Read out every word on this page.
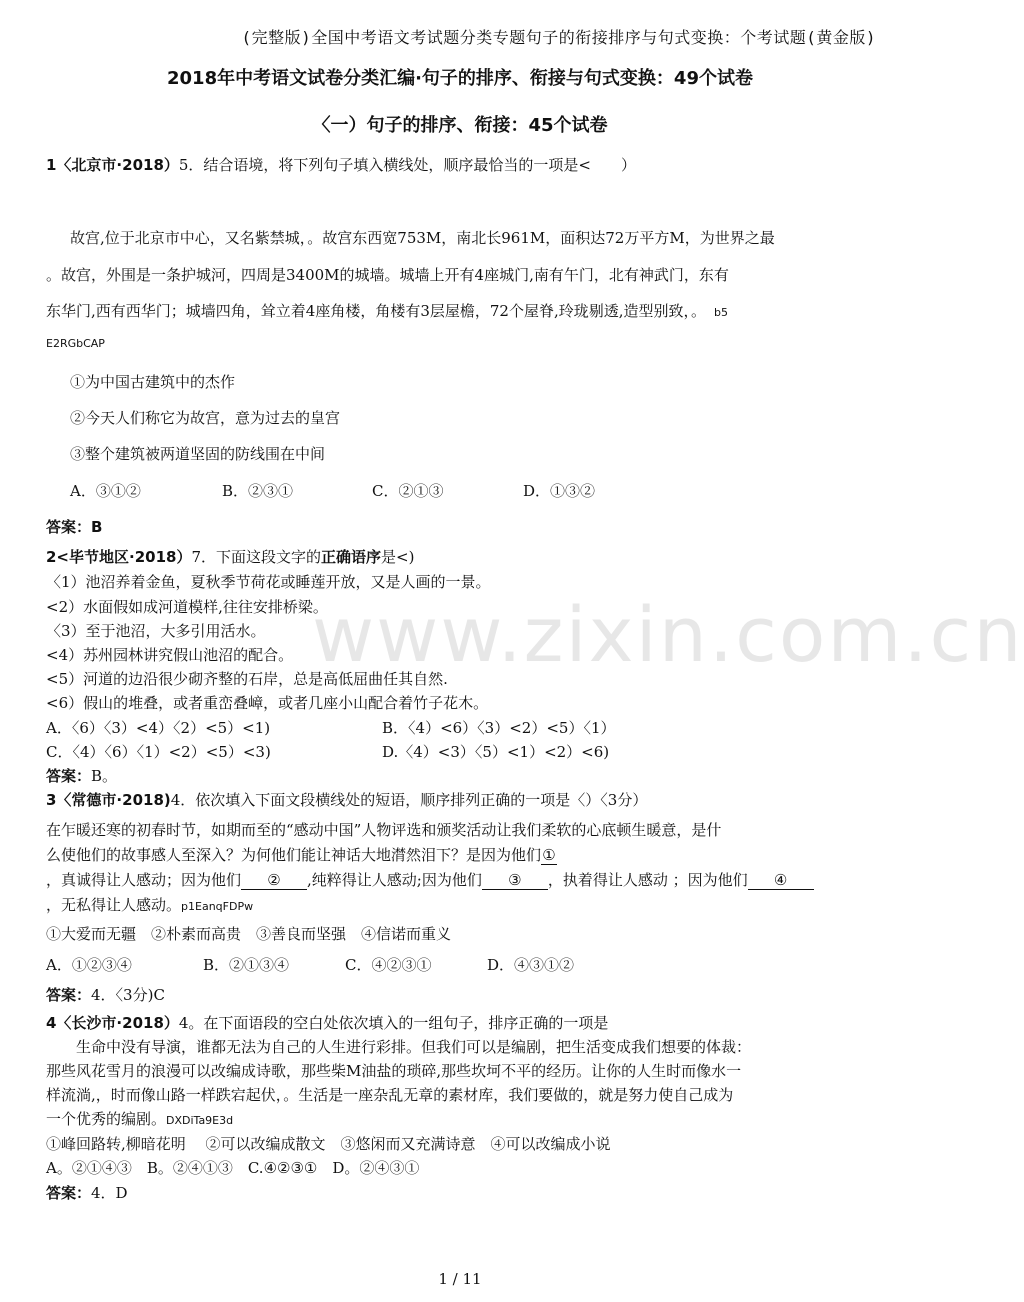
www.zixin.com.cn
(完整版)全国中考语文考试题分类专题句子的衔接排序与句式变换：个考试题(黄金版)
2018年中考语文试卷分类汇编·句子的排序、衔接与句式变换：49个试卷
〈一）句子的排序、衔接：45个试卷
1〈北京市·2018）5．结合语境，将下列句子填入横线处，顺序最恰当的一项是<　　）
故宫,位于北京市中心，又名紫禁城，。故宫东西宽753M，南北长961M，面积达72万平方M，为世界之最
。故宫，外围是一条护城河，四周是3400M的城墙。城墙上开有4座城门,南有午门，北有神武门，东有
东华门,西有西华门；城墙四角，耸立着4座角楼，角楼有3层屋檐，72个屋脊,玲珑剔透,造型别致，。 b5
E2RGbCAP
①为中国古建筑中的杰作
②今天人们称它为故宫，意为过去的皇宫
③整个建筑被两道坚固的防线围在中间
A．③①②	B．②③①	C．②①③	D．①③②
答案：B
2<毕节地区·2018）7．下面这段文字的正确语序是<)
〈1）池沼养着金鱼，夏秋季节荷花或睡莲开放，又是人画的一景。
<2）水面假如成河道模样,往往安排桥梁。
〈3）至于池沼，大多引用活水。
<4）苏州园林讲究假山池沼的配合。
<5）河道的边沿很少砌齐整的石岸，总是高低屈曲任其自然.
<6）假山的堆叠，或者重峦叠嶂，或者几座小山配合着竹子花木。
A．〈6）〈3）<4）〈2）<5）<1)	B．〈4）<6）〈3）<2）<5）〈1）
C．〈4）〈6）〈1）<2）<5）<3)	D.〈4）<3）〈5）<1）<2）<6)
答案：B。
3〈常德市·2018)4．依次填入下面文段横线处的短语，顺序排列正确的一项是〈）〈3分）
在乍暖还寒的初春时节，如期而至的“感动中国”人物评选和颁奖活动让我们柔软的心底顿生暖意，是什
么使他们的故事感人至深入？为何他们能让神话大地潸然泪下？是因为他们①
，真诚得让人感动；因为他们 ② ,纯粹得让人感动;因为他们 ③ ，执着得让人感动 ；因为他们 ④
，无私得让人感动。p1EanqFDPw
①大爱而无疆　②朴素而高贵　③善良而坚强　④信诺而重义
A．①②③④	B．②①③④	C．④②③①	D．④③①②
答案：4．〈3分)C
4〈长沙市·2018）4。在下面语段的空白处依次填入的一组句子，排序正确的一项是
　　生命中没有导演，谁都无法为自己的人生进行彩排。但我们可以是编剧，把生活变成我们想要的体裁：
那些风花雪月的浪漫可以改编成诗歌，那些柴M油盐的琐碎,那些坎坷不平的经历。让你的人生时而像水一
样流淌,，时而像山路一样跌宕起伏，。生活是一座杂乱无章的素材库，我们要做的，就是努力使自己成为
一个优秀的编剧。DXDiTa9E3d
①峰回路转,柳暗花明　 ②可以改编成散文　③悠闲而又充满诗意　④可以改编成小说
A。②①④③　B。②④①③　C.④②③①　D。②④③①
答案：4．D
1 / 11
